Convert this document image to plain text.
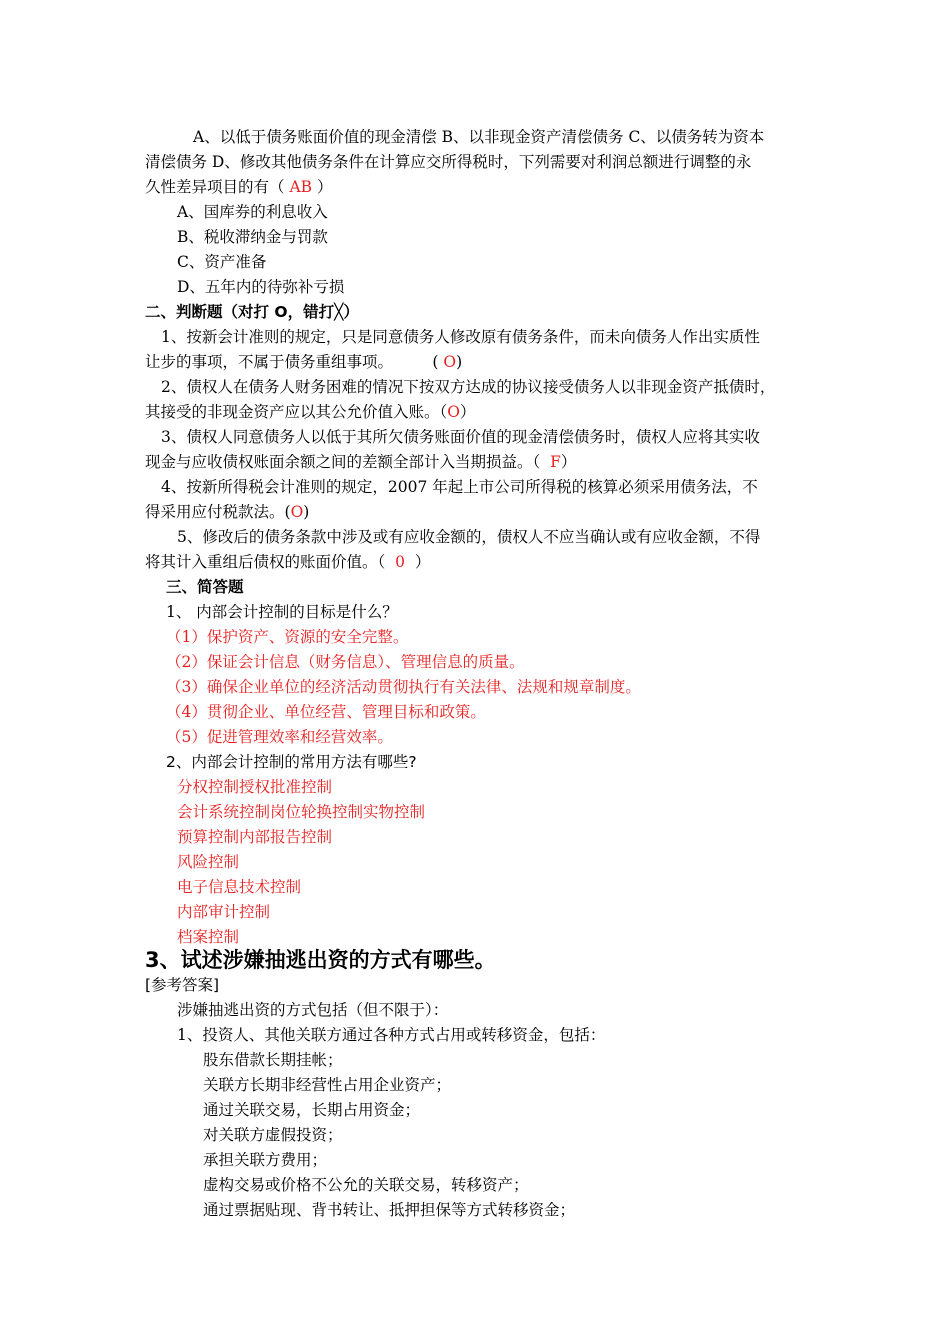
A、以低于债务账面价值的现金清偿 B、以非现金资产清偿债务 C、以债务转为资本
清偿债务 D、修改其他债务条件在计算应交所得税时，下列需要对利润总额进行调整的永
久性差异项目的有（ AB ）
A、国库券的利息收入
B、税收滞纳金与罚款
C、资产准备
D、五年内的待弥补亏损
二、判断题（对打 O，错打╳）
1、按新会计准则的规定，只是同意债务人修改原有债务条件，而未向债务人作出实质性
让步的事项，不属于债务重组事项。        ( O)
2、债权人在债务人财务困难的情况下按双方达成的协议接受债务人以非现金资产抵债时，
其接受的非现金资产应以其公允价值入账。（O）
3、债权人同意债务人以低于其所欠债务账面价值的现金清偿债务时，债权人应将其实收
现金与应收债权账面余额之间的差额全部计入当期损益。（  F）
4、按新所得税会计准则的规定，2007 年起上市公司所得税的核算必须采用债务法，不
得采用应付税款法。(O)
5、修改后的债务条款中涉及或有应收金额的，债权人不应当确认或有应收金额，不得
将其计入重组后债权的账面价值。（  0  ）
三、简答题
1、 内部会计控制的目标是什么？
（1）保护资产、资源的安全完整。
（2）保证会计信息（财务信息）、管理信息的质量。
（3）确保企业单位的经济活动贯彻执行有关法律、法规和规章制度。
（4）贯彻企业、单位经营、管理目标和政策。
（5）促进管理效率和经营效率。
2、内部会计控制的常用方法有哪些?
分权控制授权批准控制
会计系统控制岗位轮换控制实物控制
预算控制内部报告控制
风险控制
电子信息技术控制
内部审计控制
档案控制
3、试述涉嫌抽逃出资的方式有哪些。
[参考答案]
涉嫌抽逃出资的方式包括（但不限于）：
1、投资人、其他关联方通过各种方式占用或转移资金，包括：
股东借款长期挂帐；
关联方长期非经营性占用企业资产；
通过关联交易，长期占用资金；
对关联方虚假投资；
承担关联方费用；
虚构交易或价格不公允的关联交易，转移资产；
通过票据贴现、背书转让、抵押担保等方式转移资金；
